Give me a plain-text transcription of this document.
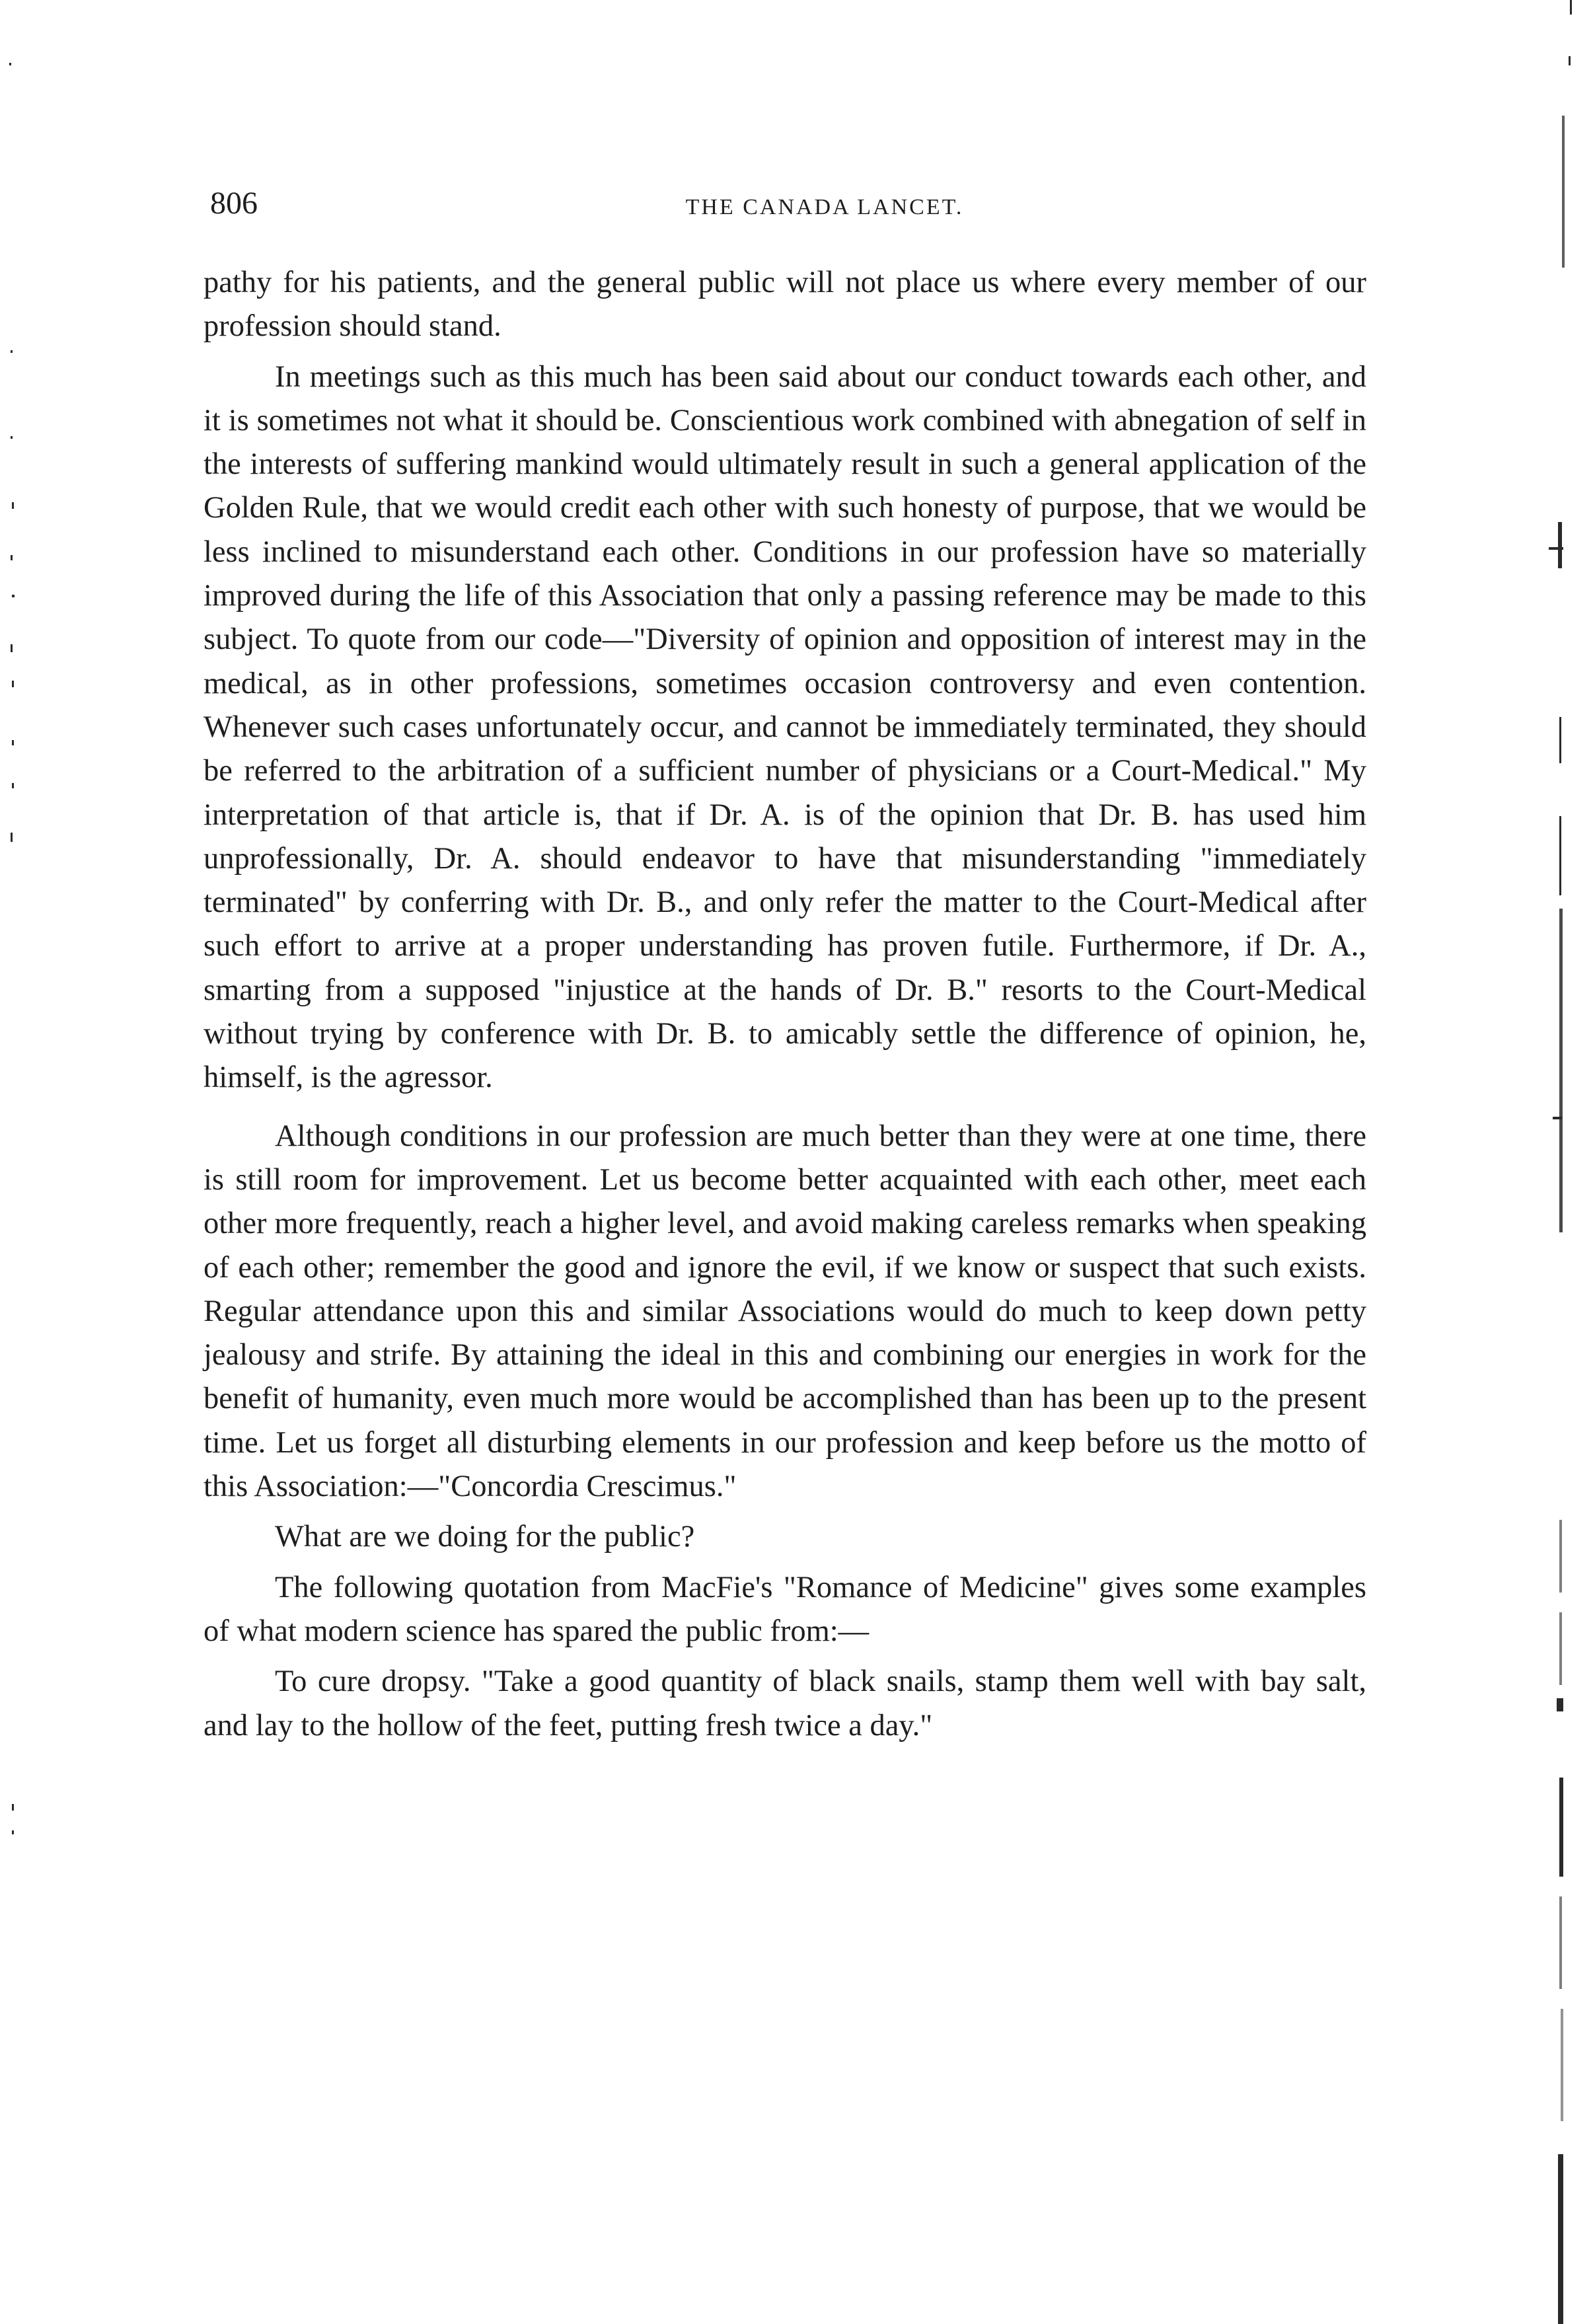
806	THE CANADA LANCET.

pathy for his patients, and the general public will not place us where every member of our profession should stand.

In meetings such as this much has been said about our conduct towards each other, and it is sometimes not what it should be. Conscientious work combined with abnegation of self in the interests of suffering mankind would ultimately result in such a general application of the Golden Rule, that we would credit each other with such honesty of purpose, that we would be less inclined to misunderstand each other. Conditions in our profession have so materially improved during the life of this Association that only a passing reference may be made to this subject. To quote from our code—"Diversity of opinion and opposition of interest may in the medical, as in other professions, sometimes occasion controversy and even contention. Whenever such cases unfortunately occur, and cannot be immediately terminated, they should be referred to the arbitration of a sufficient number of physicians or a Court-Medical." My interpretation of that article is, that if Dr. A. is of the opinion that Dr. B. has used him unprofessionally, Dr. A. should endeavor to have that misunderstanding "immediately terminated" by conferring with Dr. B., and only refer the matter to the Court-Medical after such effort to arrive at a proper understanding has proven futile. Furthermore, if Dr. A., smarting from a supposed "injustice at the hands of Dr. B." resorts to the Court-Medical without trying by conference with Dr. B. to amicably settle the difference of opinion, he, himself, is the agressor.

Although conditions in our profession are much better than they were at one time, there is still room for improvement. Let us become better acquainted with each other, meet each other more frequently, reach a higher level, and avoid making careless remarks when speaking of each other; remember the good and ignore the evil, if we know or suspect that such exists. Regular attendance upon this and similar Associations would do much to keep down petty jealousy and strife. By attaining the ideal in this and combining our energies in work for the benefit of humanity, even much more would be accomplished than has been up to the present time. Let us forget all disturbing elements in our profession and keep before us the motto of this Association:—"Concordia Crescimus."

What are we doing for the public?

The following quotation from MacFie's "Romance of Medicine" gives some examples of what modern science has spared the public from:—

To cure dropsy. "Take a good quantity of black snails, stamp them well with bay salt, and lay to the hollow of the feet, putting fresh twice a day."
